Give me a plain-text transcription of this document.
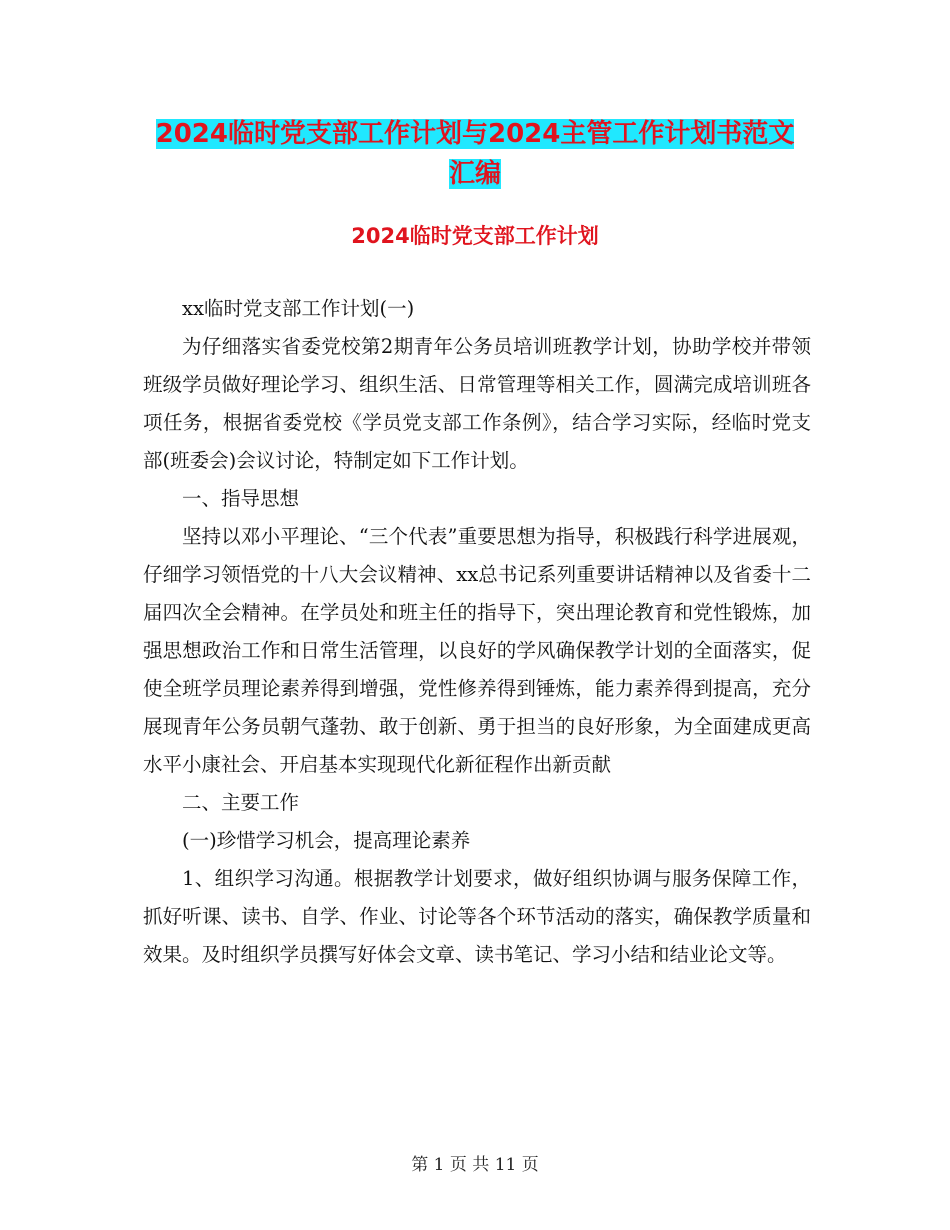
2024临时党支部工作计划与2024主管工作计划书范文
汇编
2024临时党支部工作计划

xx临时党支部工作计划(一)

为仔细落实省委党校第2期青年公务员培训班教学计划，协助学校并带领班级学员做好理论学习、组织生活、日常管理等相关工作，圆满完成培训班各项任务，根据省委党校《学员党支部工作条例》，结合学习实际，经临时党支部(班委会)会议讨论，特制定如下工作计划。

一、指导思想

坚持以邓小平理论、“三个代表”重要思想为指导，积极践行科学进展观，仔细学习领悟党的十八大会议精神、xx总书记系列重要讲话精神以及省委十二届四次全会精神。在学员处和班主任的指导下，突出理论教育和党性锻炼，加强思想政治工作和日常生活管理，以良好的学风确保教学计划的全面落实，促使全班学员理论素养得到增强，党性修养得到锤炼，能力素养得到提高，充分展现青年公务员朝气蓬勃、敢于创新、勇于担当的良好形象，为全面建成更高水平小康社会、开启基本实现现代化新征程作出新贡献

二、主要工作

(一)珍惜学习机会，提高理论素养

1、组织学习沟通。根据教学计划要求，做好组织协调与服务保障工作，抓好听课、读书、自学、作业、讨论等各个环节活动的落实，确保教学质量和效果。及时组织学员撰写好体会文章、读书笔记、学习小结和结业论文等。

第 1 页 共 11 页
